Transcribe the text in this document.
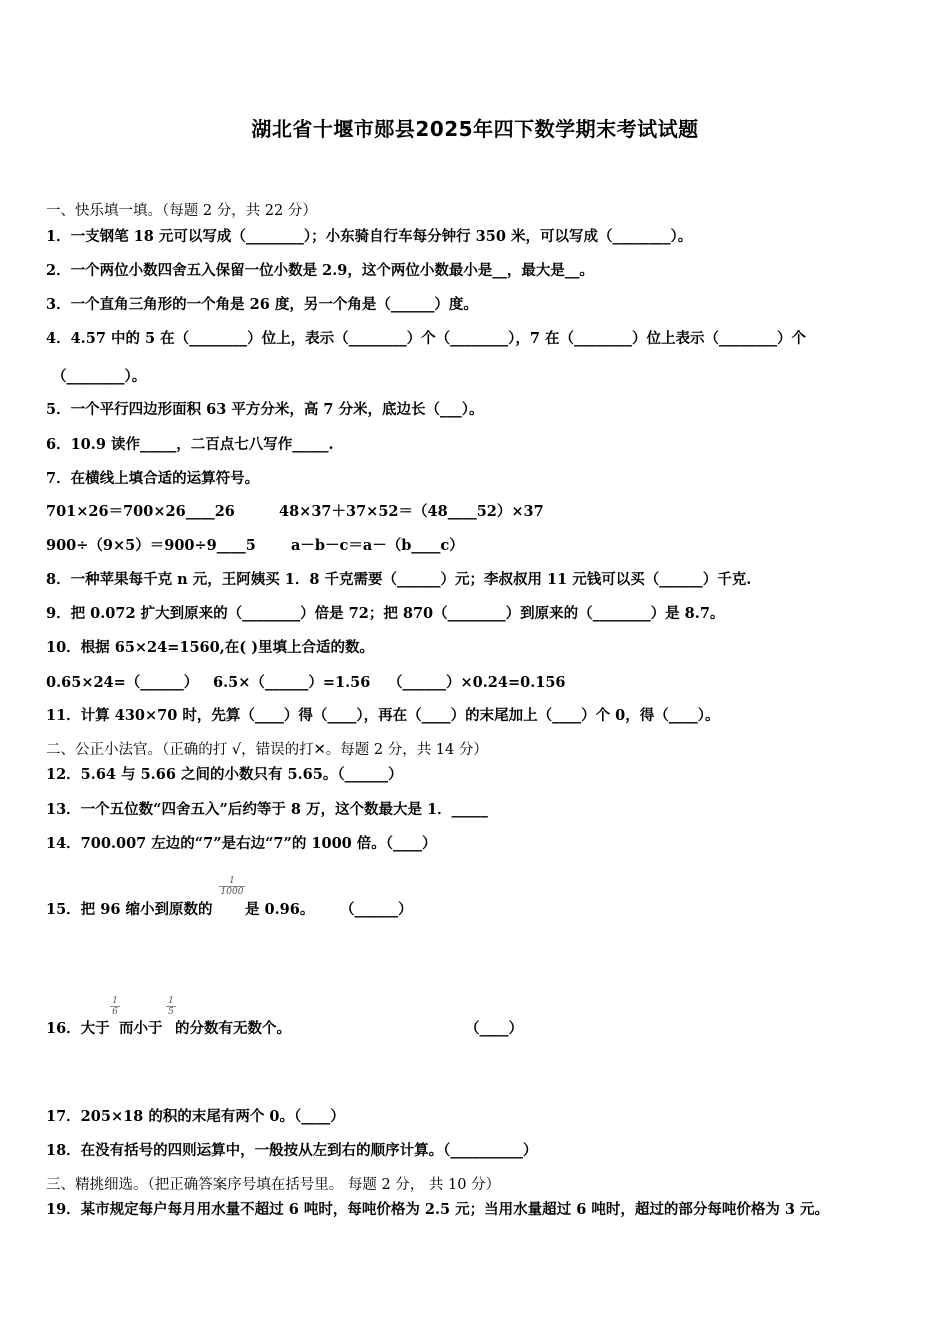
湖北省十堰市郧县2025年四下数学期末考试试题
一、快乐填一填。（每题 2 分，共 22 分）
1．一支钢笔 18 元可以写成（________）；小东骑自行车每分钟行 350 米，可以写成（________）。
2．一个两位小数四舍五入保留一位小数是 2.9，这个两位小数最小是__，最大是__。
3．一个直角三角形的一个角是 26 度，另一个角是（______）度。
4．4.57 中的 5 在（________）位上，表示（________）个（________），7 在（________）位上表示（________）个
（________）。
5．一个平行四边形面积 63 平方分米，高 7 分米，底边长（___）。
6．10.9 读作_____，二百点七八写作_____.
7．在横线上填合适的运算符号。
701×26＝700×26____26	48×37＋37×52＝（48____52）×37
900÷（9×5）＝900÷9____5 a－b－c＝a－（b____c）
8．一种苹果每千克 n 元，王阿姨买 1．8 千克需要（______）元；李叔叔用 11 元钱可以买（______）千克.
9．把 0.072 扩大到原来的（________）倍是 72；把 870（________）到原来的（________）是 8.7。
10．根据 65×24=1560,在( )里填上合适的数。
0.65×24=（______） 6.5×（______）=1.56 （______）×0.24=0.156
11．计算 430×70 时，先算（____）得（____），再在（____）的末尾加上（____）个 0，得（____）。
二、公正小法官。（正确的打 √，错误的打✕。每题 2 分，共 14 分）
12．5.64 与 5.66 之间的小数只有 5.65。（______）
13．一个五位数“四舍五入”后约等于 8 万，这个数最大是 1．_____
14．700.007 左边的“7”是右边“7”的 1000 倍。（____）
15．把 96 缩小到原数的
1
1000
是 0.96。 （______）
16．大于
1
6
而小于
1
5
的分数有无数个。	（____）
17．205×18 的积的末尾有两个 0。（____）
18．在没有括号的四则运算中，一般按从左到右的顺序计算。（__________）
三、精挑细选。（把正确答案序号填在括号里。 每题 2 分， 共 10 分）
19．某市规定每户每月用水量不超过 6 吨时，每吨价格为 2.5 元；当用水量超过 6 吨时，超过的部分每吨价格为 3 元。
